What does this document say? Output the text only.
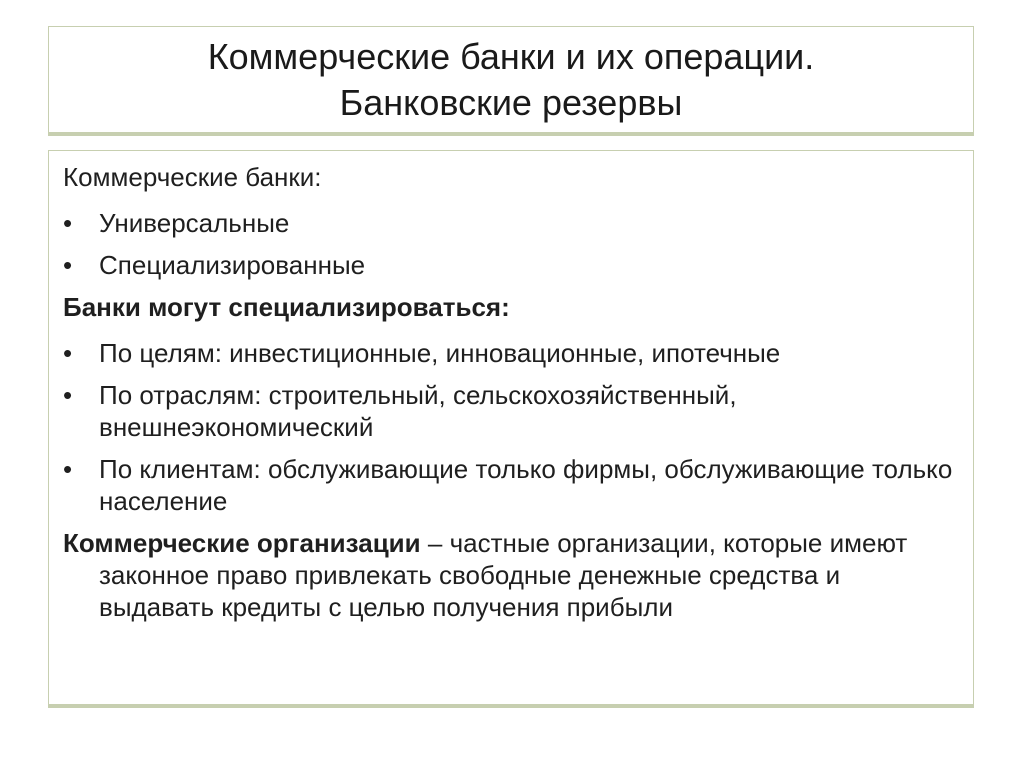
Коммерческие банки и их операции.
Банковские резервы
Коммерческие банки:
•	Универсальные
•	Специализированные
Банки могут специализироваться:
•	По целям: инвестиционные, инновационные, ипотечные
•	По отраслям: строительный, сельскохозяйственный, внешнеэкономический
•	По клиентам: обслуживающие только фирмы, обслуживающие только население
Коммерческие организации – частные организации, которые имеют законное право привлекать свободные денежные средства и выдавать кредиты с целью получения прибыли
